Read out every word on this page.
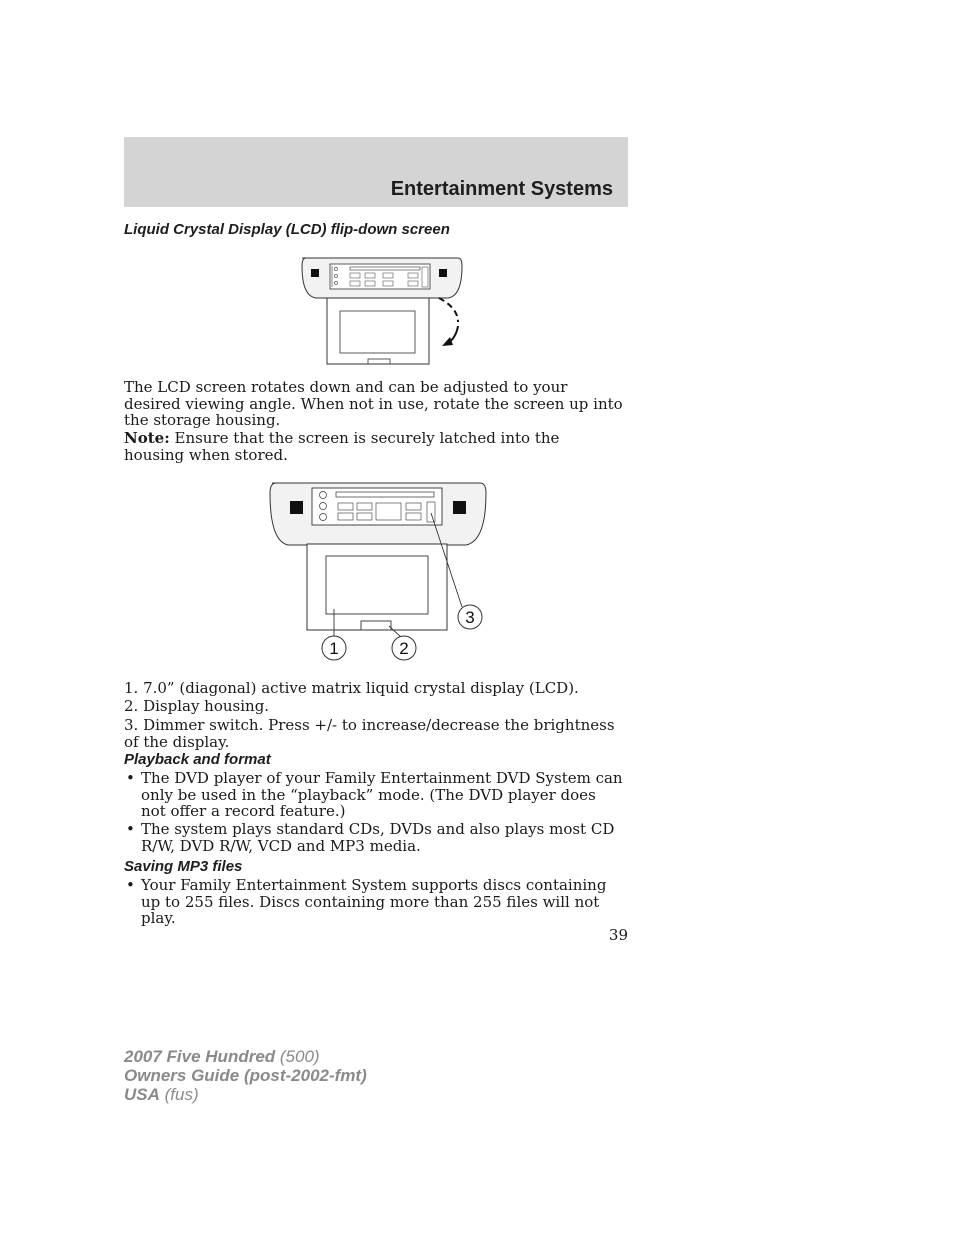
Entertainment Systems
Liquid Crystal Display (LCD) flip-down screen
The LCD screen rotates down and can be adjusted to your desired viewing angle. When not in use, rotate the screen up into the storage housing.
Note: Ensure that the screen is securely latched into the housing when stored.
3
1	2
1. 7.0” (diagonal) active matrix liquid crystal display (LCD).
2. Display housing.
3. Dimmer switch. Press +/- to increase/decrease the brightness of the display.
Playback and format
• The DVD player of your Family Entertainment DVD System can only be used in the “playback” mode. (The DVD player does not offer a record feature.)
• The system plays standard CDs, DVDs and also plays most CD R/W, DVD R/W, VCD and MP3 media.
Saving MP3 files
• Your Family Entertainment System supports discs containing up to 255 files. Discs containing more than 255 files will not play.
39
2007 Five Hundred (500)
Owners Guide (post-2002-fmt)
USA (fus)
